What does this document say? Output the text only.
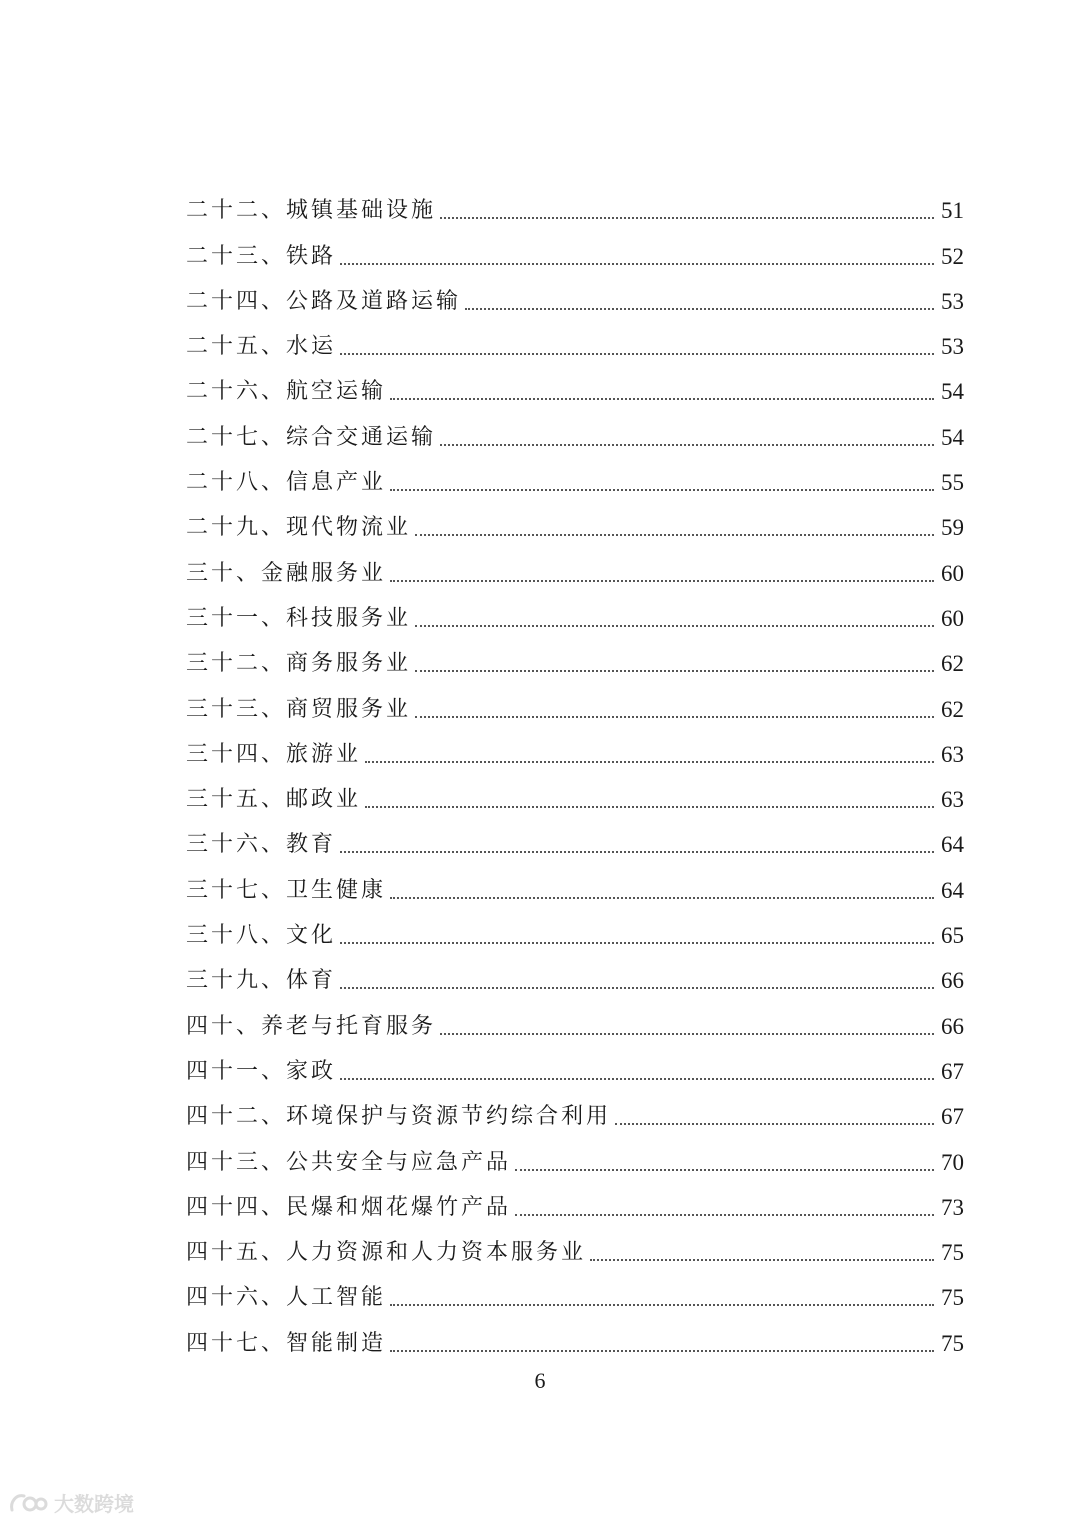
二十二、城镇基础设施	51
二十三、铁路	52
二十四、公路及道路运输	53
二十五、水运	53
二十六、航空运输	54
二十七、综合交通运输	54
二十八、信息产业	55
二十九、现代物流业	59
三十、金融服务业	60
三十一、科技服务业	60
三十二、商务服务业	62
三十三、商贸服务业	62
三十四、旅游业	63
三十五、邮政业	63
三十六、教育	64
三十七、卫生健康	64
三十八、文化	65
三十九、体育	66
四十、养老与托育服务	66
四十一、家政	67
四十二、环境保护与资源节约综合利用	67
四十三、公共安全与应急产品	70
四十四、民爆和烟花爆竹产品	73
四十五、人力资源和人力资本服务业	75
四十六、人工智能	75
四十七、智能制造	75
6
大数跨境
